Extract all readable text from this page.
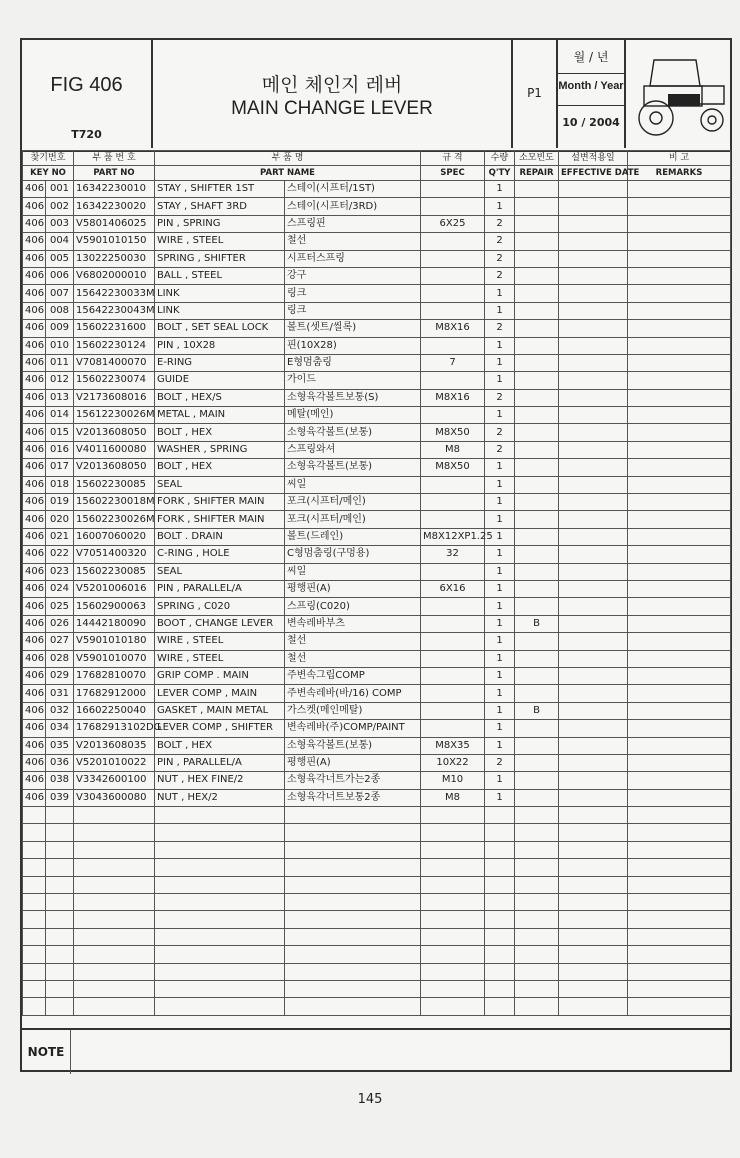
FIG 406
T720
메인 체인지 레버
MAIN CHANGE LEVER
P1
월 / 년
Month / Year
10 / 2004
찾기번호		부 품 번 호	부 품 명		규 격	수량	소모빈도	설변적용일	비 고
KEY NO		PART NO	PART NAME		SPEC	Q'TY	REPAIR	EFFECTIVE DATE	REMARKS
406	001	16342230010	STAY , SHIFTER 1ST	스테이(시프터/1ST)		1			
406	002	16342230020	STAY , SHAFT 3RD	스테이(시프터/3RD)		1			
406	003	V5801406025	PIN , SPRING	스프링핀	6X25	2			
406	004	V5901010150	WIRE , STEEL	철선		2			
406	005	13022250030	SPRING , SHIFTER	시프터스프링		2			
406	006	V6802000010	BALL , STEEL	강구		2			
406	007	15642230033M	LINK	링크		1			
406	008	15642230043M	LINK	링크		1			
406	009	15602231600	BOLT , SET SEAL LOCK	볼트(셋트/씰록)	M8X16	2			
406	010	15602230124	PIN , 10X28	핀(10X28)		1			
406	011	V7081400070	E-RING	E형멈춤링	7	1			
406	012	15602230074	GUIDE	가이드		1			
406	013	V2173608016	BOLT , HEX/S	소형육각볼트보통(S)	M8X16	2			
406	014	15612230026M	METAL , MAIN	메탈(메인)		1			
406	015	V2013608050	BOLT , HEX	소형육각볼트(보통)	M8X50	2			
406	016	V4011600080	WASHER , SPRING	스프링와셔	M8	2			
406	017	V2013608050	BOLT , HEX	소형육각볼트(보통)	M8X50	1			
406	018	15602230085	SEAL	씨일		1			
406	019	15602230018M	FORK , SHIFTER MAIN	포크(시프터/메인)		1			
406	020	15602230026M	FORK , SHIFTER MAIN	포크(시프터/메인)		1			
406	021	16007060020	BOLT . DRAIN	볼트(드레인)	M8X12XP1.25	1			
406	022	V7051400320	C-RING , HOLE	C형멈춤링(구멍용)	32	1			
406	023	15602230085	SEAL	씨일		1			
406	024	V5201006016	PIN , PARALLEL/A	평행핀(A)	6X16	1			
406	025	15602900063	SPRING , C020	스프링(C020)		1			
406	026	14442180090	BOOT , CHANGE LEVER	변속레바부츠		1	B		
406	027	V5901010180	WIRE , STEEL	철선		1			
406	028	V5901010070	WIRE , STEEL	철선		1			
406	029	17682810070	GRIP COMP . MAIN	주변속그립COMP		1			
406	031	17682912000	LEVER COMP , MAIN	주변속레바(바/16) COMP		1			
406	032	16602250040	GASKET , MAIN METAL	가스켓(메인메탈)		1	B		
406	034	17682913102DG	LEVER COMP , SHIFTER	변속레바(주)COMP/PAINT		1			
406	035	V2013608035	BOLT , HEX	소형육각볼트(보통)	M8X35	1			
406	036	V5201010022	PIN , PARALLEL/A	평행핀(A)	10X22	2			
406	038	V3342600100	NUT , HEX FINE/2	소형육각너트가는2종	M10	1			
406	039	V3043600080	NUT , HEX/2	소형육각너트보통2종	M8	1			

NOTE
145
